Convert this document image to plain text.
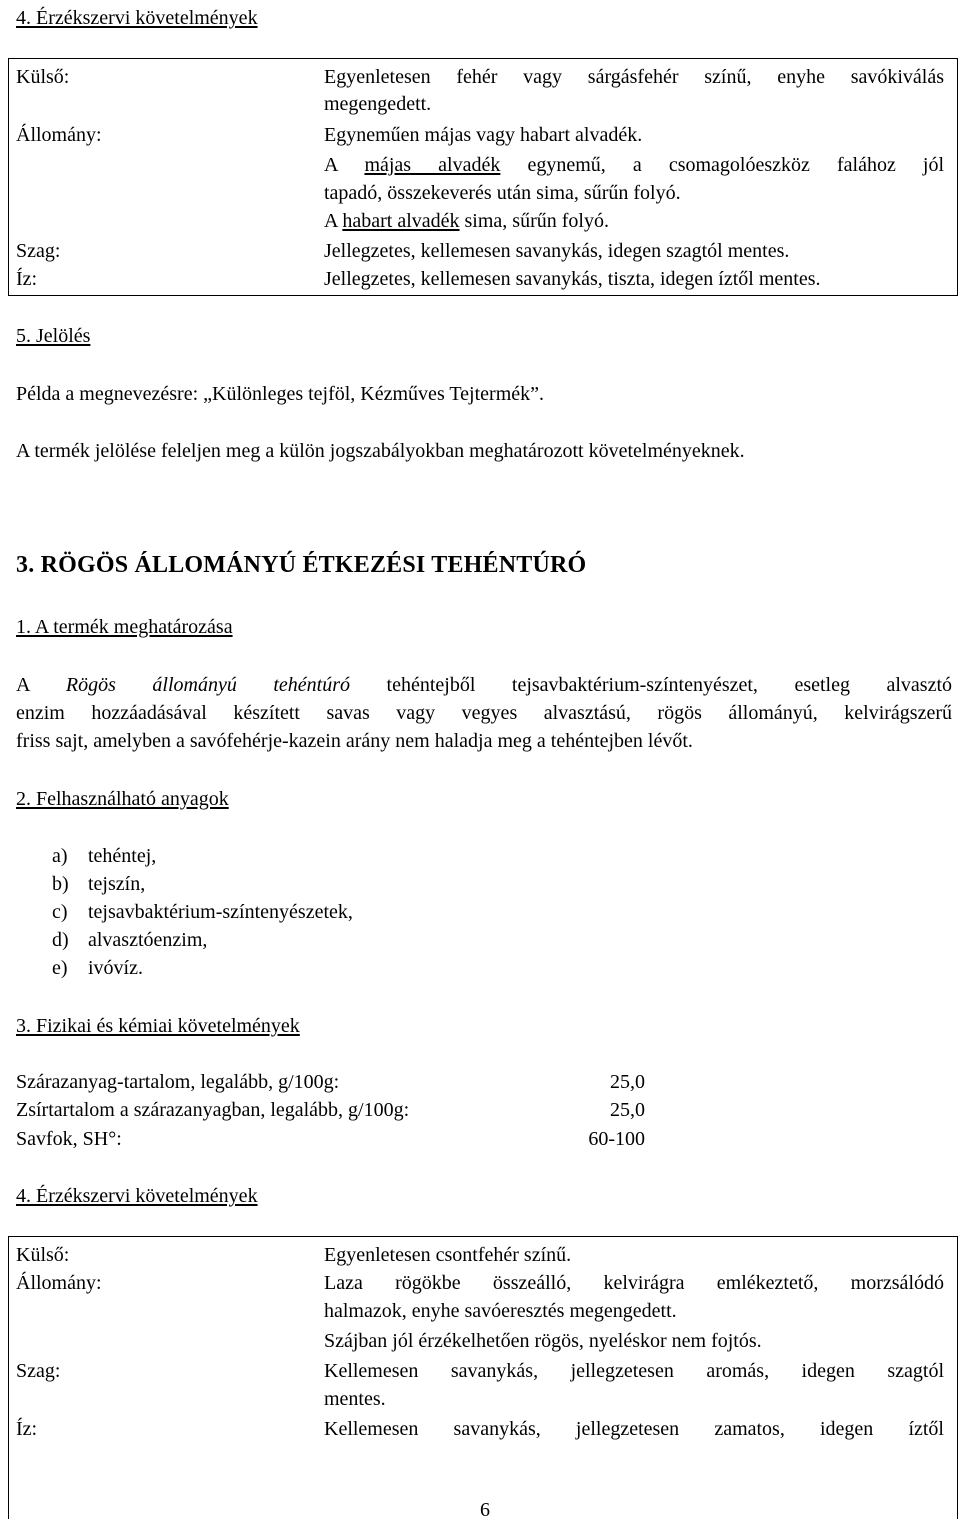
4. Érzékszervi követelmények
Külső:	Egyenletesen fehér vagy sárgásfehér színű, enyhe savókiválás
megengedett.
Állomány:	Egyneműen májas vagy habart alvadék.
A májas alvadék egynemű, a csomagolóeszköz falához jól
tapadó, összekeverés után sima, sűrűn folyó.
A habart alvadék sima, sűrűn folyó.
Szag:	Jellegzetes, kellemesen savanykás, idegen szagtól mentes.
Íz:	Jellegzetes, kellemesen savanykás, tiszta, idegen íztől mentes.
5. Jelölés
Példa a megnevezésre: „Különleges tejföl, Kézműves Tejtermék”.
A termék jelölése feleljen meg a külön jogszabályokban meghatározott követelményeknek.
3. RÖGÖS ÁLLOMÁNYÚ ÉTKEZÉSI TEHÉNTÚRÓ
1. A termék meghatározása
A Rögös állományú tehéntúró tehéntejből tejsavbaktérium-színtenyészet, esetleg alvasztó
enzim hozzáadásával készített savas vagy vegyes alvasztású, rögös állományú, kelvirágszerű
friss sajt, amelyben a savófehérje-kazein arány nem haladja meg a tehéntejben lévőt.
2. Felhasználható anyagok
a) tehéntej,
b) tejszín,
c) tejsavbaktérium-színtenyészetek,
d) alvasztóenzim,
e) ivóvíz.
3. Fizikai és kémiai követelmények
Szárazanyag-tartalom, legalább, g/100g:	25,0
Zsírtartalom a szárazanyagban, legalább, g/100g:	25,0
Savfok, SH°:	60-100
4. Érzékszervi követelmények
Külső:	Egyenletesen csontfehér színű.
Állomány:	Laza rögökbe összeálló, kelvirágra emlékeztető, morzsálódó
halmazok, enyhe savóeresztés megengedett.
Szájban jól érzékelhetően rögös, nyeléskor nem fojtós.
Szag:	Kellemesen savanykás, jellegzetesen aromás, idegen szagtól
mentes.
Íz:	Kellemesen savanykás, jellegzetesen zamatos, idegen íztől
6
